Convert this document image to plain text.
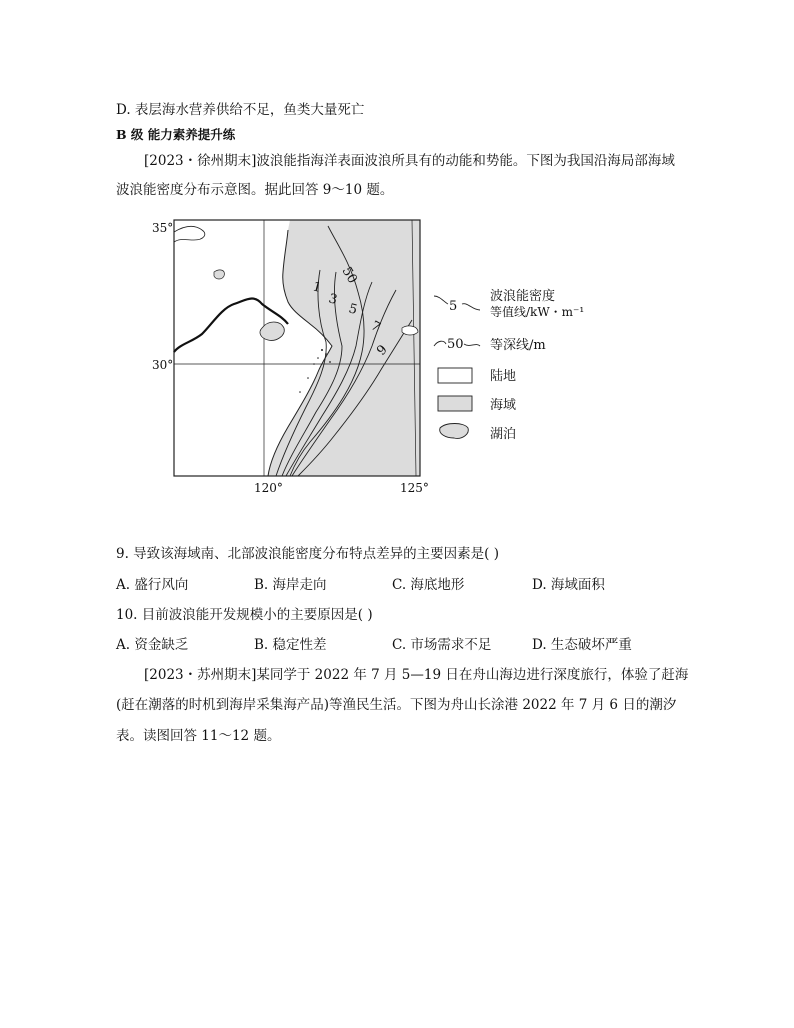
D. 表层海水营养供给不足，鱼类大量死亡
B 级 能力素养提升练
[2023・徐州期末]波浪能指海洋表面波浪所具有的动能和势能。下图为我国沿海局部海域
波浪能密度分布示意图。据此回答 9～10 题。
50
1
3
5
7
9
35°
30°
120°	125°
5
波浪能密度
等值线/kW・m⁻¹
50 等深线/m
陆地
海域
湖泊
9. 导致该海域南、北部波浪能密度分布特点差异的主要因素是( )
A. 盛行风向	B. 海岸走向	C. 海底地形	D. 海域面积
10. 目前波浪能开发规模小的主要原因是( )
A. 资金缺乏	B. 稳定性差	C. 市场需求不足	D. 生态破坏严重
[2023・苏州期末]某同学于 2022 年 7 月 5—19 日在舟山海边进行深度旅行，体验了赶海
(赶在潮落的时机到海岸采集海产品)等渔民生活。下图为舟山长涂港 2022 年 7 月 6 日的潮汐
表。读图回答 11～12 题。
